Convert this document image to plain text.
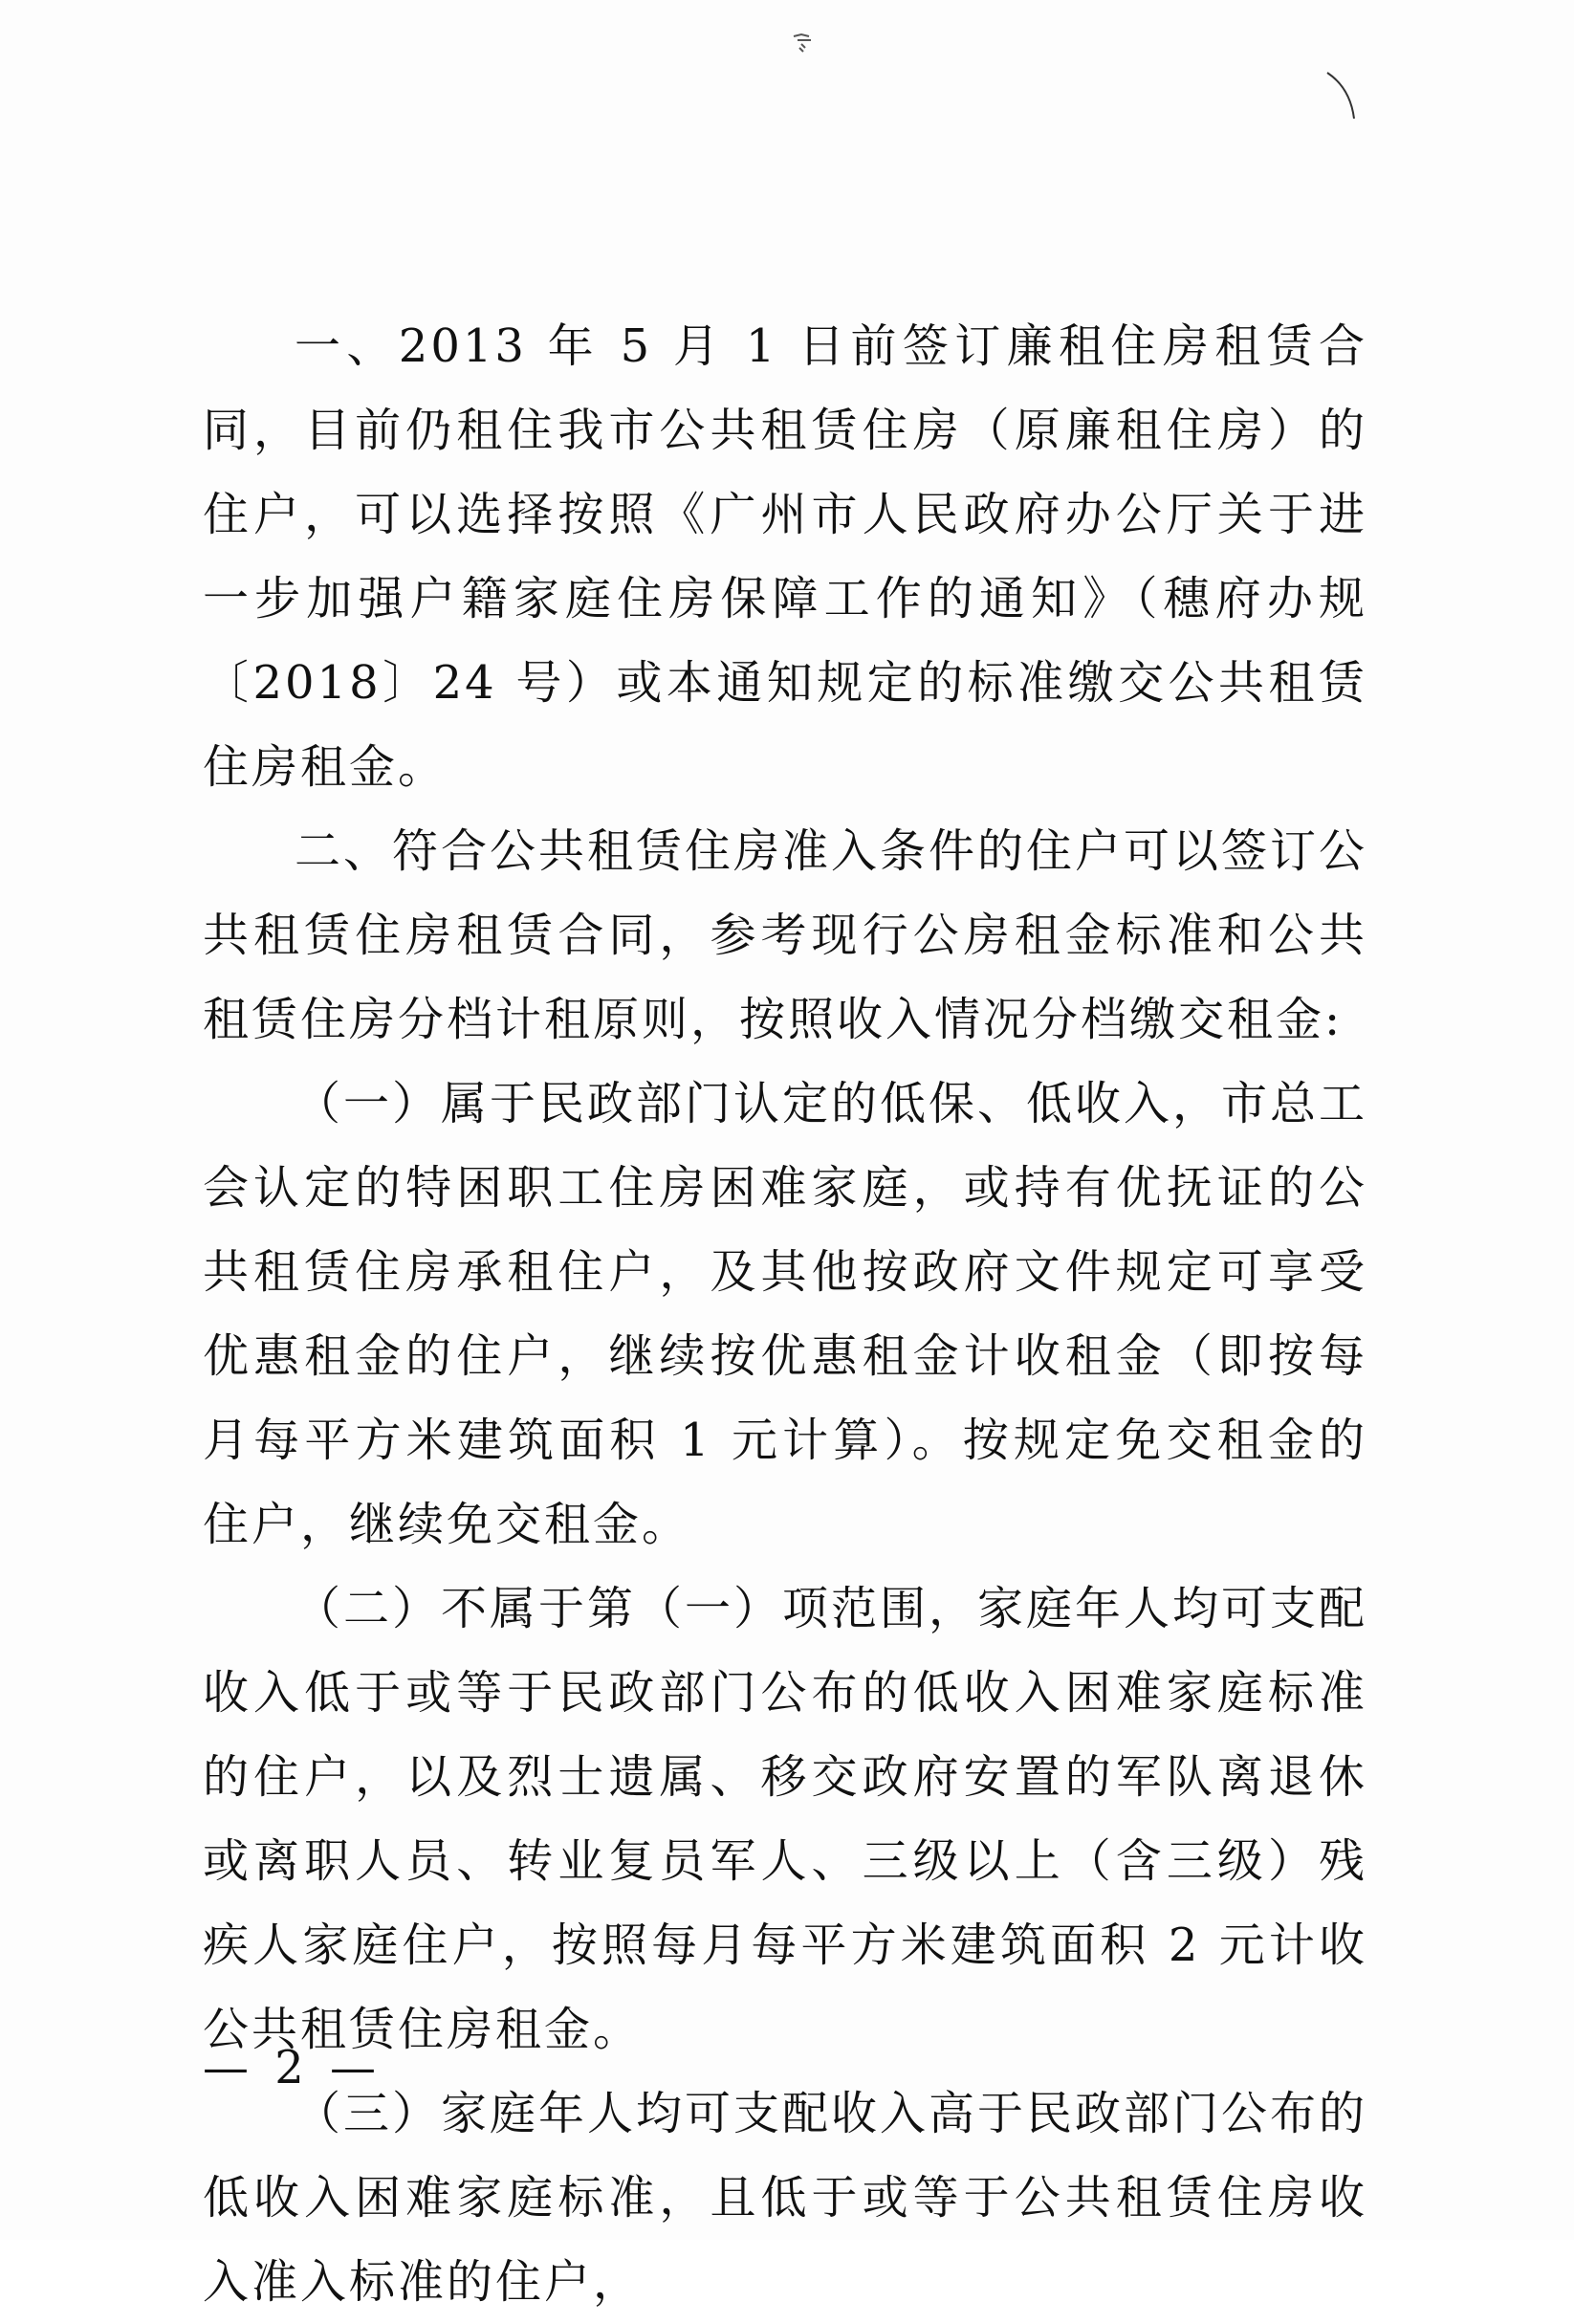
一、2013 年 5 月 1 日前签订廉租住房租赁合同，目前仍租住我市公共租赁住房（原廉租住房）的住户，可以选择按照《广州市人民政府办公厅关于进一步加强户籍家庭住房保障工作的通知》（穗府办规〔2018〕24 号）或本通知规定的标准缴交公共租赁住房租金。

二、符合公共租赁住房准入条件的住户可以签订公共租赁住房租赁合同，参考现行公房租金标准和公共租赁住房分档计租原则，按照收入情况分档缴交租金:

（一）属于民政部门认定的低保、低收入，市总工会认定的特困职工住房困难家庭，或持有优抚证的公共租赁住房承租住户，及其他按政府文件规定可享受优惠租金的住户，继续按优惠租金计收租金（即按每月每平方米建筑面积 1 元计算）。按规定免交租金的住户，继续免交租金。

（二）不属于第（一）项范围，家庭年人均可支配收入低于或等于民政部门公布的低收入困难家庭标准的住户，以及烈士遗属、移交政府安置的军队离退休或离职人员、转业复员军人、三级以上（含三级）残疾人家庭住户，按照每月每平方米建筑面积 2 元计收公共租赁住房租金。

（三）家庭年人均可支配收入高于民政部门公布的低收入困难家庭标准，且低于或等于公共租赁住房收入准入标准的住户，

— 2 —
